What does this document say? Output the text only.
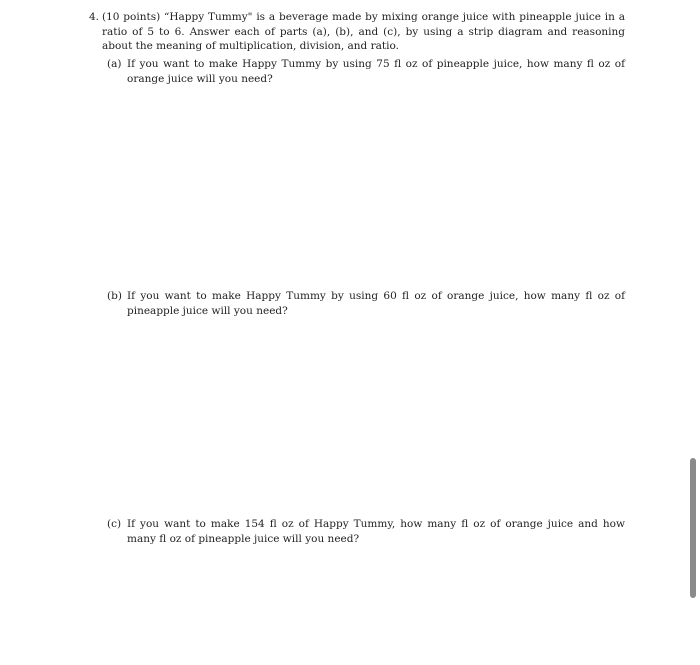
4. (10 points) “Happy Tummy" is a beverage made by mixing orange juice with pineapple juice in a ratio of 5 to 6. Answer each of parts (a), (b), and (c), by using a strip diagram and reasoning about the meaning of multiplication, division, and ratio.
(a) If you want to make Happy Tummy by using 75 fl oz of pineapple juice, how many fl oz of orange juice will you need?
(b) If you want to make Happy Tummy by using 60 fl oz of orange juice, how many fl oz of pineapple juice will you need?
(c) If you want to make 154 fl oz of Happy Tummy, how many fl oz of orange juice and how many fl oz of pineapple juice will you need?
